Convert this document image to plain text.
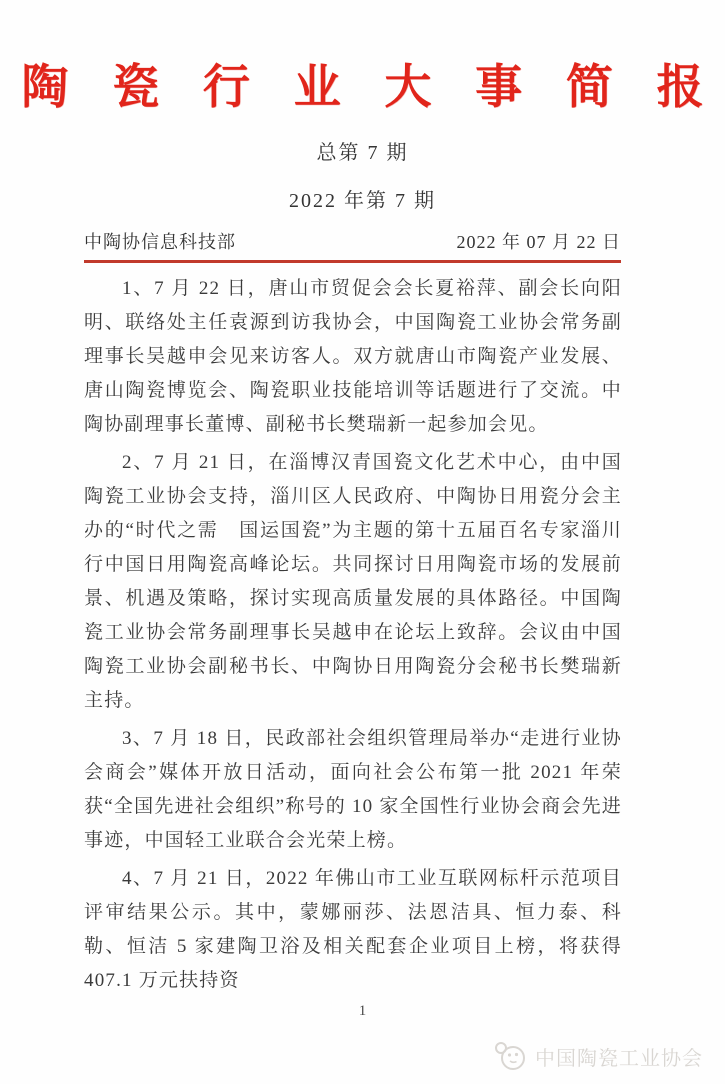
陶 瓷 行 业 大 事 简 报
总第 7 期
2022 年第 7 期
中陶协信息科技部	2022 年 07 月 22 日

1、7 月 22 日，唐山市贸促会会长夏裕萍、副会长向阳明、联络处主任袁源到访我协会，中国陶瓷工业协会常务副理事长吴越申会见来访客人。双方就唐山市陶瓷产业发展、唐山陶瓷博览会、陶瓷职业技能培训等话题进行了交流。中陶协副理事长董博、副秘书长樊瑞新一起参加会见。

2、7 月 21 日，在淄博汉青国瓷文化艺术中心，由中国陶瓷工业协会支持，淄川区人民政府、中陶协日用瓷分会主办的“时代之需　国运国瓷”为主题的第十五届百名专家淄川行中国日用陶瓷高峰论坛。共同探讨日用陶瓷市场的发展前景、机遇及策略，探讨实现高质量发展的具体路径。中国陶瓷工业协会常务副理事长吴越申在论坛上致辞。会议由中国陶瓷工业协会副秘书长、中陶协日用陶瓷分会秘书长樊瑞新主持。

3、7 月 18 日，民政部社会组织管理局举办“走进行业协会商会”媒体开放日活动，面向社会公布第一批 2021 年荣获“全国先进社会组织”称号的 10 家全国性行业协会商会先进事迹，中国轻工业联合会光荣上榜。

4、7 月 21 日，2022 年佛山市工业互联网标杆示范项目评审结果公示。其中，蒙娜丽莎、法恩洁具、恒力泰、科勒、恒洁 5 家建陶卫浴及相关配套企业项目上榜，将获得 407.1 万元扶持资

1
中国陶瓷工业协会
